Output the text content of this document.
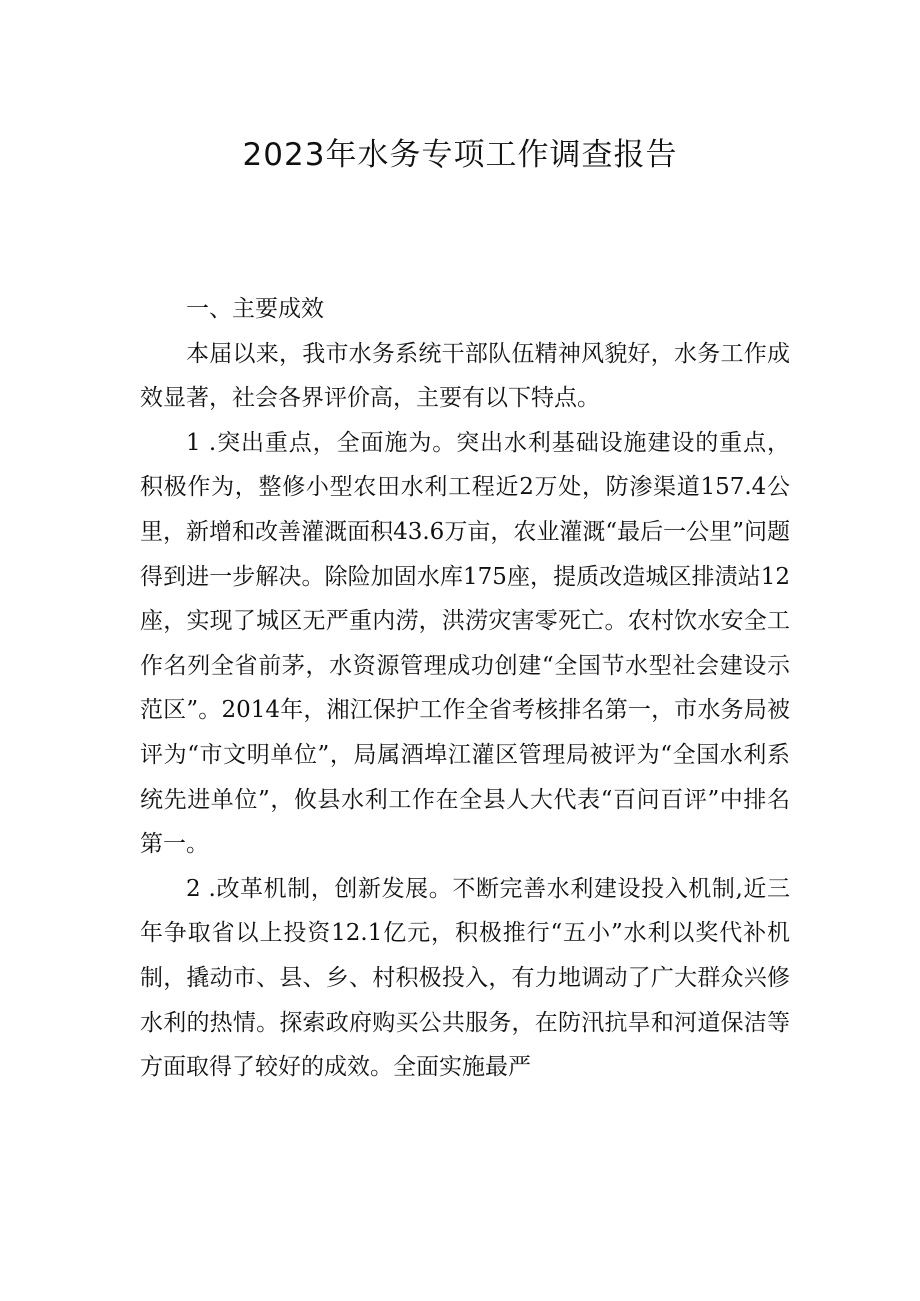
2023年水务专项工作调查报告

一、主要成效

本届以来，我市水务系统干部队伍精神风貌好，水务工作成效显著，社会各界评价高，主要有以下特点。

1 .突出重点，全面施为。突出水利基础设施建设的重点，积极作为，整修小型农田水利工程近2万处，防渗渠道157.4公里，新增和改善灌溉面积43.6万亩，农业灌溉“最后一公里”问题得到进一步解决。除险加固水库175座，提质改造城区排渍站12座，实现了城区无严重内涝，洪涝灾害零死亡。农村饮水安全工作名列全省前茅，水资源管理成功创建“全国节水型社会建设示范区”。2014年，湘江保护工作全省考核排名第一，市水务局被评为“市文明单位”，局属酒埠江灌区管理局被评为“全国水利系统先进单位”，攸县水利工作在全县人大代表“百问百评”中排名第一。

2 .改革机制，创新发展。不断完善水利建设投入机制,近三年争取省以上投资12.1亿元，积极推行“五小”水利以奖代补机制，撬动市、县、乡、村积极投入，有力地调动了广大群众兴修水利的热情。探索政府购买公共服务，在防汛抗旱和河道保洁等方面取得了较好的成效。全面实施最严
